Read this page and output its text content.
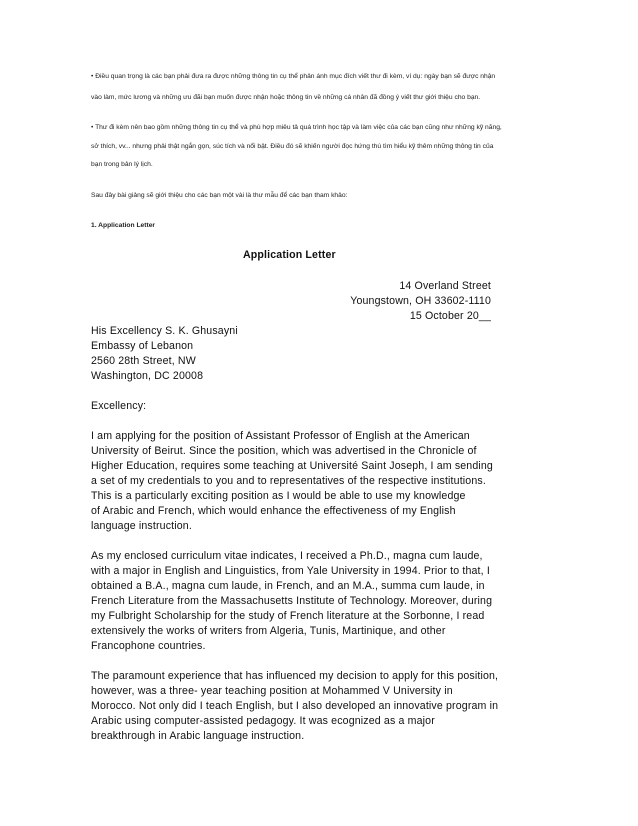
• Điều quan trọng là các bạn phải đưa ra được những thông tin cụ thể phản ánh mục đích viết thư đi kèm, ví dụ: ngày bạn sẽ được nhận
vào làm, mức lương và những ưu đãi bạn muốn được nhận hoặc thông tin về những cá nhân đã đồng ý viết thư giới thiệu cho bạn.
• Thư đi kèm nên bao gồm những thông tin cụ thể và phù hợp miêu tả quá trình học tập và làm việc của các bạn cũng như những kỹ năng,
sở thích, vv... nhưng phải thật ngắn gọn, súc tích và nổi bật. Điều đó sẽ khiến người đọc hứng thú tìm hiểu kỹ thêm những thông tin của
bạn trong bản lý lịch.
Sau đây bài giảng sẽ giới thiệu cho các bạn một vài là thư mẫu để các bạn tham khảo:
1. Application Letter
Application Letter
14 Overland Street
Youngstown, OH 33602-1110
15 October 20__
His Excellency S. K. Ghusayni
Embassy of Lebanon
2560 28th Street, NW
Washington, DC 20008
Excellency:
I am applying for the position of Assistant Professor of English at the American
University of Beirut. Since the position, which was advertised in the Chronicle of
Higher Education, requires some teaching at Université Saint Joseph, I am sending
a set of my credentials to you and to representatives of the respective institutions.
This is a particularly exciting position as I would be able to use my knowledge
of Arabic and French, which would enhance the effectiveness of my English
language instruction.
As my enclosed curriculum vitae indicates, I received a Ph.D., magna cum laude,
with a major in English and Linguistics, from Yale University in 1994. Prior to that, I
obtained a B.A., magna cum laude, in French, and an M.A., summa cum laude, in
French Literature from the Massachusetts Institute of Technology. Moreover, during
my Fulbright Scholarship for the study of French literature at the Sorbonne, I read
extensively the works of writers from Algeria, Tunis, Martinique, and other
Francophone countries.
The paramount experience that has influenced my decision to apply for this position,
however, was a three- year teaching position at Mohammed V University in
Morocco. Not only did I teach English, but I also developed an innovative program in
Arabic using computer-assisted pedagogy. It was ecognized as a major
breakthrough in Arabic language instruction.
